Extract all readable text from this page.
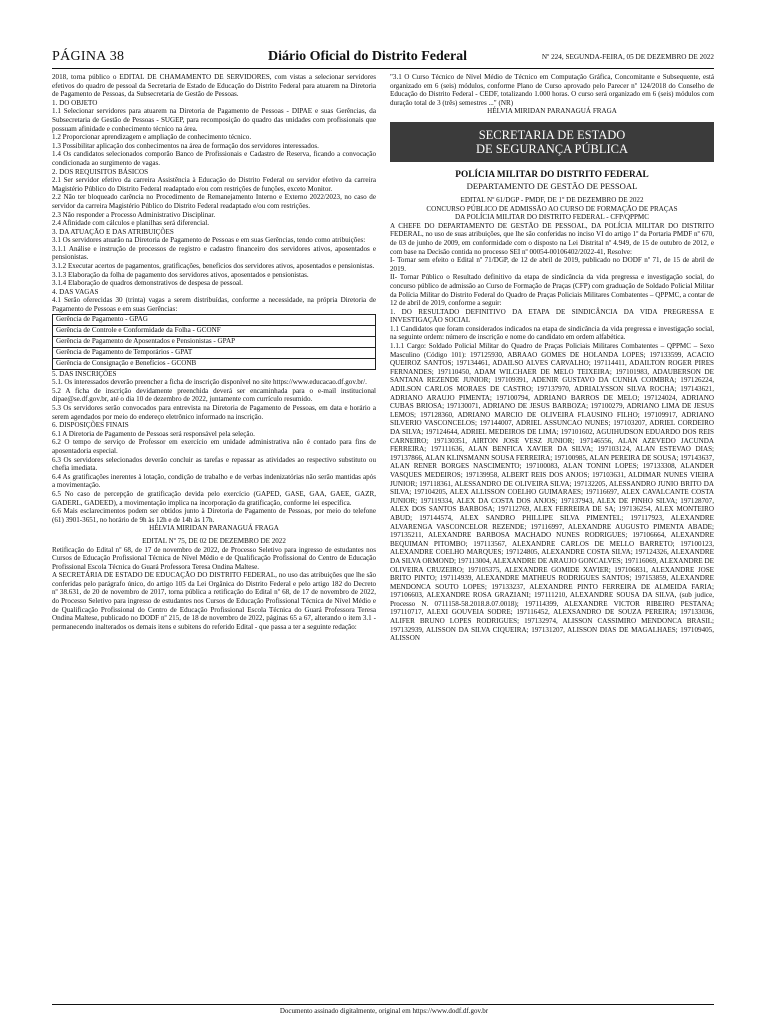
PÁGINA 38	Diário Oficial do Distrito Federal	Nº 224, SEGUNDA-FEIRA, 05 DE DEZEMBRO DE 2022

2018, torna público o EDITAL DE CHAMAMENTO DE SERVIDORES, com vistas a selecionar servidores efetivos do quadro de pessoal da Secretaria de Estado de Educação do Distrito Federal para atuarem na Diretoria de Pagamento de Pessoas, da Subsecretaria de Gestão de Pessoas.

1. DO OBJETO

1.1 Selecionar servidores para atuarem na Diretoria de Pagamento de Pessoas - DIPAE e suas Gerências, da Subsecretaria de Gestão de Pessoas - SUGEP, para recomposição do quadro das unidades com profissionais que possuam afinidade e conhecimento técnico na área.

1.2 Proporcionar aprendizagem e ampliação de conhecimento técnico.

1.3 Possibilitar aplicação dos conhecimentos na área de formação dos servidores interessados.

1.4 Os candidatos selecionados comporão Banco de Profissionais e Cadastro de Reserva, ficando a convocação condicionada ao surgimento de vagas.

2. DOS REQUISITOS BÁSICOS

2.1 Ser servidor efetivo da carreira Assistência à Educação do Distrito Federal ou servidor efetivo da carreira Magistério Público do Distrito Federal readaptado e/ou com restrições de funções, exceto Monitor.

2.2 Não ter bloqueado carência no Procedimento de Remanejamento Interno e Externo 2022/2023, no caso de servidor da carreira Magistério Público do Distrito Federal readaptado e/ou com restrições.

2.3 Não responder a Processo Administrativo Disciplinar.

2.4 Afinidade com cálculos e planilhas será diferencial.

3. DA ATUAÇÃO E DAS ATRIBUIÇÕES

3.1 Os servidores atuarão na Diretoria de Pagamento de Pessoas e em suas Gerências, tendo como atribuições:

3.1.1 Análise e instrução de processos de registro e cadastro financeiro dos servidores ativos, aposentados e pensionistas.

3.1.2 Executar acertos de pagamentos, gratificações, benefícios dos servidores ativos, aposentados e pensionistas.

3.1.3 Elaboração da folha de pagamento dos servidores ativos, aposentados e pensionistas.

3.1.4 Elaboração de quadros demonstrativos de despesa de pessoal.

4. DAS VAGAS

4.1 Serão oferecidas 30 (trinta) vagas a serem distribuídas, conforme a necessidade, na própria Diretoria de Pagamento de Pessoas e em suas Gerências:

Gerência de Pagamento - GPAG
Gerência de Controle e Conformidade da Folha - GCONF
Gerência de Pagamento de Aposentados e Pensionistas - GPAP
Gerência de Pagamento de Temporários - GPAT
Gerência de Consignação e Benefícios - GCONB

5. DAS INSCRIÇÕES

5.1. Os interessados deverão preencher a ficha de inscrição disponível no site https://www.educacao.df.gov.br/.

5.2 A ficha de inscrição devidamente preenchida deverá ser encaminhada para o e-mail institucional dipae@se.df.gov.br, até o dia 10 de dezembro de 2022, juntamente com currículo resumido.

5.3 Os servidores serão convocados para entrevista na Diretoria de Pagamento de Pessoas, em data e horário a serem agendados por meio do endereço eletrônico informado na inscrição.

6. DISPOSIÇÕES FINAIS

6.1 A Diretoria de Pagamento de Pessoas será responsável pela seleção.

6.2 O tempo de serviço de Professor em exercício em unidade administrativa não é contado para fins de aposentadoria especial.

6.3 Os servidores selecionados deverão concluir as tarefas e repassar as atividades ao respectivo substituto ou chefia imediata.

6.4 As gratificações inerentes à lotação, condição de trabalho e de verbas indenizatórias não serão mantidas após a movimentação.

6.5 No caso de percepção de gratificação devida pelo exercício (GAPED, GASE, GAA, GAEE, GAZR, GADERL, GADEED), a movimentação implica na incorporação da gratificação, conforme lei específica.

6.6 Mais esclarecimentos podem ser obtidos junto à Diretoria de Pagamento de Pessoas, por meio do telefone (61) 3901-3651, no horário de 9h às 12h e de 14h às 17h.

HÉLVIA MIRIDAN PARANAGUÁ FRAGA

EDITAL Nº 75, DE 02 DE DEZEMBRO DE 2022

Retificação do Edital nº 68, de 17 de novembro de 2022, de Processo Seletivo para ingresso de estudantes nos Cursos de Educação Profissional Técnica de Nível Médio e de Qualificação Profissional do Centro de Educação Profissional Escola Técnica do Guará Professora Teresa Ondina Maltese.

A SECRETÁRIA DE ESTADO DE EDUCAÇÃO DO DISTRITO FEDERAL, no uso das atribuições que lhe são conferidas pelo parágrafo único, do artigo 105 da Lei Orgânica do Distrito Federal e pelo artigo 182 do Decreto nº 38.631, de 20 de novembro de 2017, torna pública a retificação do Edital nº 68, de 17 de novembro de 2022, do Processo Seletivo para ingresso de estudantes nos Cursos de Educação Profissional Técnica de Nível Médio e de Qualificação Profissional do Centro de Educação Profissional Escola Técnica do Guará Professora Teresa Ondina Maltese, publicado no DODF nº 215, de 18 de novembro de 2022, páginas 65 a 67, alterando o item 3.1 - permanecendo inalterados os demais itens e subitens do referido Edital - que passa a ter a seguinte redação:

"3.1 O Curso Técnico de Nível Médio de Técnico em Computação Gráfica, Concomitante e Subsequente, está organizado em 6 (seis) módulos, conforme Plano de Curso aprovado pelo Parecer nº 124/2018 do Conselho de Educação do Distrito Federal - CEDF, totalizando 1.000 horas. O curso será organizado em 6 (seis) módulos com duração total de 3 (três) semestres ..." (NR)

HÉLVIA MIRIDAN PARANAGUÁ FRAGA

SECRETARIA DE ESTADO
DE SEGURANÇA PÚBLICA
POLÍCIA MILITAR DO DISTRITO FEDERAL
DEPARTAMENTO DE GESTÃO DE PESSOAL

EDITAL Nº 61/DGP - PMDF, DE 1º DE DEZEMBRO DE 2022

CONCURSO PÚBLICO DE ADMISSÃO AO CURSO DE FORMAÇÃO DE PRAÇAS

DA POLÍCIA MILITAR DO DISTRITO FEDERAL - CFP/QPPMC

A CHEFE DO DEPARTAMENTO DE GESTÃO DE PESSOAL, DA POLÍCIA MILITAR DO DISTRITO FEDERAL, no uso de suas atribuições, que lhe são conferidas no inciso VI do artigo 1º da Portaria PMDF nº 670, de 03 de junho de 2009, em conformidade com o disposto na Lei Distrital nº 4.949, de 15 de outubro de 2012, e com base na Decisão contida no processo SEI nº 00054-00106402/2022-41, Resolve:

I- Tornar sem efeito o Edital nº 71/DGP, de 12 de abril de 2019, publicado no DODF nº 71, de 15 de abril de 2019.

II- Tornar Público o Resultado definitivo da etapa de sindicância da vida pregressa e investigação social, do concurso público de admissão ao Curso de Formação de Praças (CFP) com graduação de Soldado Policial Militar da Polícia Militar do Distrito Federal do Quadro de Praças Policiais Militares Combatentes – QPPMC, a contar de 12 de abril de 2019, conforme a seguir:

1. DO RESULTADO DEFINITIVO DA ETAPA DE SINDICÂNCIA DA VIDA PREGRESSA E INVESTIGAÇÃO SOCIAL

1.1 Candidatos que foram considerados indicados na etapa de sindicância da vida pregressa e investigação social, na seguinte ordem: número de inscrição e nome do candidato em ordem alfabética.

1.1.1 Cargo: Soldado Policial Militar do Quadro de Praças Policiais Militares Combatentes – QPPMC – Sexo Masculino (Código 101): 197125930, ABRAAO GOMES DE HOLANDA LOPES; 197133599, ACACIO QUEIROZ SANTOS; 197134461, ADAILSO ALVES CARVALHO; 197114411, ADAILTON ROGER PIRES FERNANDES; 197110450, ADAM WILCHAER DE MELO TEIXEIRA; 197101983, ADAUBERSON DE SANTANA REZENDE JUNIOR; 197109391, ADENIR GUSTAVO DA CUNHA COIMBRA; 197126224, ADILSON CARLOS MORAES DE CASTRO; 197137970, ADRIALYSSON SILVA ROCHA; 197143621, ADRIANO ARAUJO PIMENTA; 197100794, ADRIANO BARROS DE MELO; 197124024, ADRIANO CUBAS BRIOSA; 197130071, ADRIANO DE JESUS BARBOZA; 197100279, ADRIANO LIMA DE JESUS LEMOS; 197128360, ADRIANO MARCIO DE OLIVEIRA FLAUSINO FILHO; 197109917, ADRIANO SILVERIO VASCONCELOS; 197144007, ADRIEL ASSUNCAO NUNES; 197103207, ADRIEL CORDEIRO DA SILVA; 197124644, ADRIEL MEDEIROS DE LIMA; 197101602, AGUIHUDSON EDUARDO DOS REIS CARNEIRO; 197130351, AIRTON JOSE VESZ JUNIOR; 197146556, ALAN AZEVEDO JACUNDA FERREIRA; 197111636, ALAN BENFICA XAVIER DA SILVA; 197103124, ALAN ESTEVAO DIAS; 197137866, ALAN KLINSMANN SOUSA FERREIRA; 197100985, ALAN PEREIRA DE SOUSA; 197143637, ALAN RENER BORGES NASCIMENTO; 197100083, ALAN TONINI LOPES; 197133308, ALANDER VASQUES MEDEIROS; 197139958, ALBERT REIS DOS ANJOS; 197103631, ALDIMAR NUNES VIEIRA JUNIOR; 197118361, ALESSANDRO DE OLIVEIRA SILVA; 197132205, ALESSANDRO JUNIO BRITO DA SILVA; 197104205, ALEX ALLISSON COELHO GUIMARAES; 197116697, ALEX CAVALCANTE COSTA JUNIOR; 197119334, ALEX DA COSTA DOS ANJOS; 197137943, ALEX DE PINHO SILVA; 197128707, ALEX DOS SANTOS BARBOSA; 197112769, ALEX FERREIRA DE SA; 197136254, ALEX MONTEIRO ABUD; 197144574, ALEX SANDRO PHILLIPE SILVA PIMENTEL; 197117923, ALEXANDRE ALVARENGA VASCONCELOR REZENDE; 197116997, ALEXANDRE AUGUSTO PIMENTA ABADE; 197135211, ALEXANDRE BARBOSA MACHADO NUNES RODRIGUES; 197106664, ALEXANDRE BEQUIMAN PITOMBO; 197113567, ALEXANDRE CARLOS DE MELLO BARRETO; 197100123, ALEXANDRE COELHO MARQUES; 197124805, ALEXANDRE COSTA SILVA; 197124326, ALEXANDRE DA SILVA ORMOND; 197113004, ALEXANDRE DE ARAUJO GONCALVES; 197116069, ALEXANDRE DE OLIVEIRA CRUZEIRO; 197105375, ALEXANDRE GOMIDE XAVIER; 197106831, ALEXANDRE JOSE BRITO PINTO; 197114939, ALEXANDRE MATHEUS RODRIGUES SANTOS; 197153859, ALEXANDRE MENDONCA SOUTO LOPES; 197133237, ALEXANDRE PINTO FERREIRA DE ALMEIDA FARIA; 197106603, ALEXANDRE ROSA GRAZIANI; 197111210, ALEXANDRE SOUSA DA SILVA, (sub judice, Processo N. 0711158-58.2018.8.07.0018); 197114399, ALEXANDRE VICTOR RIBEIRO PESTANA; 197110717, ALEXI GOUVEIA SODRE; 197116452, ALEXSANDRO DE SOUZA PEREIRA; 197133036, ALIFER BRUNO LOPES RODRIGUES; 197132974, ALISSON CASSIMIRO MENDONCA BRASIL; 197132939, ALISSON DA SILVA CIQUEIRA; 197131207, ALISSON DIAS DE MAGALHAES; 197109405, ALISSON

Documento assinado digitalmente, original em https://www.dodf.df.gov.br
